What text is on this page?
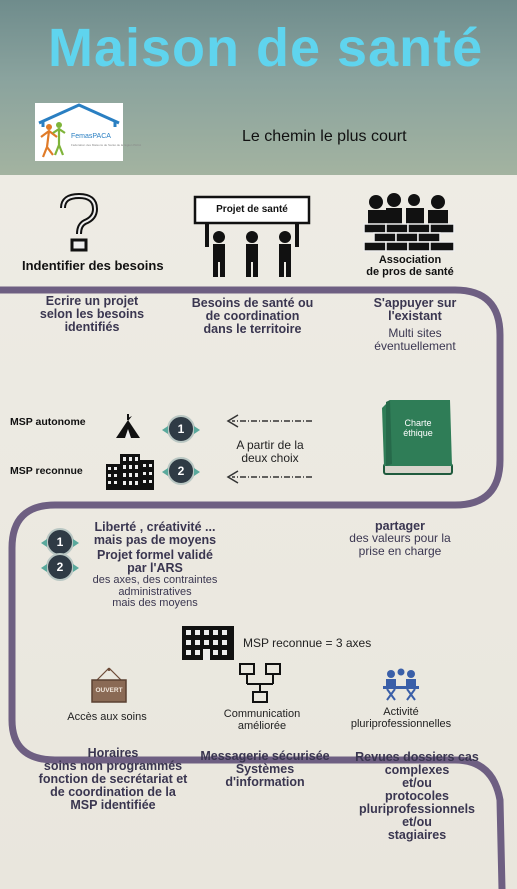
Maison de santé
FemasPACA
Fédération des Maisons de Santé de la région PACA	Le chemin le plus court
Indentifier des besoins
Projet de santé
Association
de pros de santé
Ecrire un projet
selon les besoins
identifiés
Besoins de santé ou
de coordination
dans le territoire
S'appuyer sur
l'existant
Multi sites
éventuellement
MSP autonome
MSP reconnue
1
2
A partir de la
deux choix
Charte
éthique
1
2
Liberté , créativité ...
mais pas de moyens
Projet formel validé
par l'ARS
des axes, des contraintes
administratives
mais des moyens
partager
des valeurs pour la
prise en charge
MSP reconnue = 3 axes
OUVERT
Accès aux soins	Communication
améliorée
Activité
pluriprofessionnelles
Horaires
soins non programmés
fonction de secrétariat et
de coordination de la
MSP identifiée
Messagerie sécurisée
Systèmes
d'information
Revues dossiers cas
complexes
et/ou
protocoles
pluriprofessionnels
et/ou
stagiaires
